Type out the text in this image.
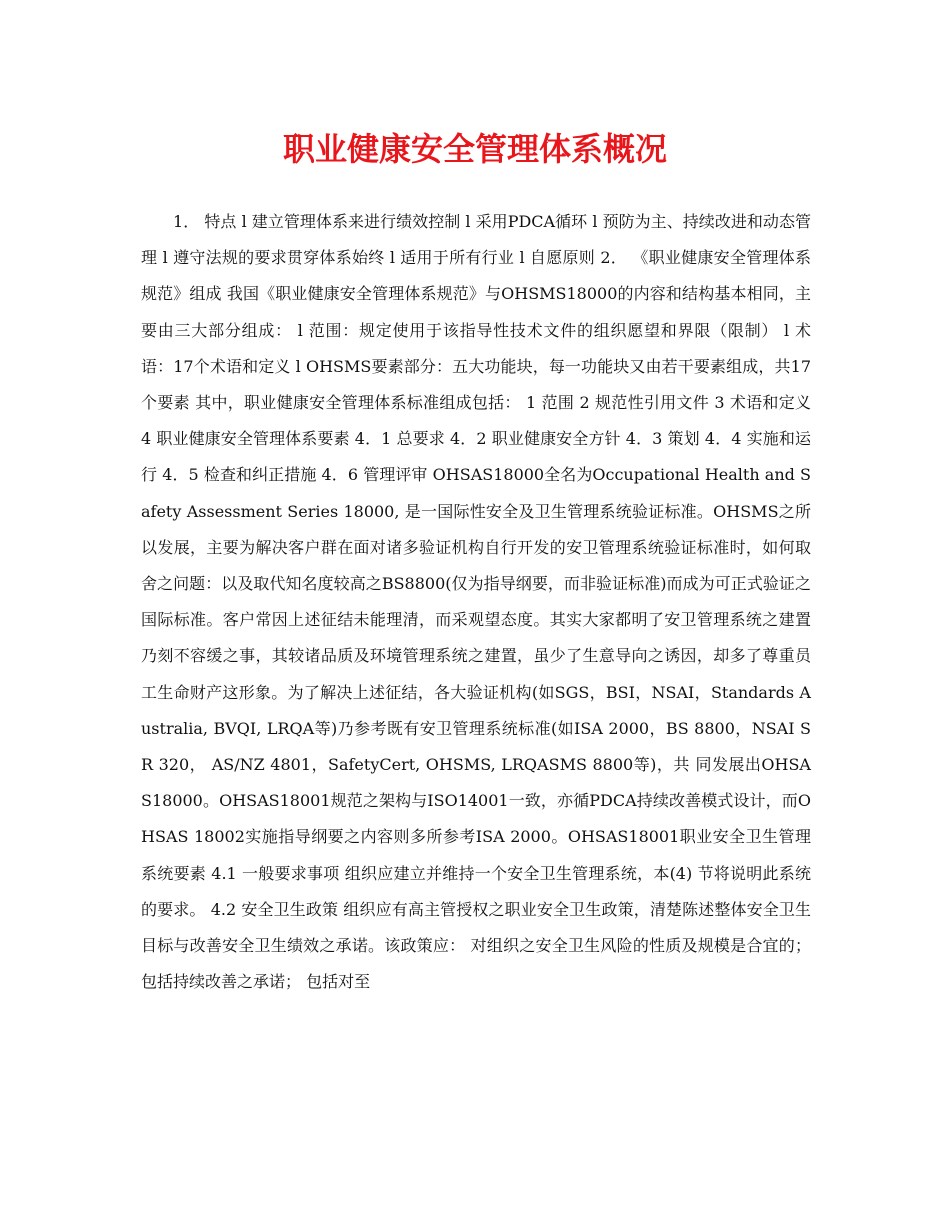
职业健康安全管理体系概况

1． 特点 l 建立管理体系来进行绩效控制 l 采用PDCA循环 l 预防为主、持续改进和动态管理 l 遵守法规的要求贯穿体系始终 l 适用于所有行业 l 自愿原则 2． 《职业健康安全管理体系规范》组成 我国《职业健康安全管理体系规范》与OHSMS18000的内容和结构基本相同，主要由三大部分组成： l 范围：规定使用于该指导性技术文件的组织愿望和界限（限制） l 术语：17个术语和定义 l OHSMS要素部分：五大功能块，每一功能块又由若干要素组成，共17个要素 其中，职业健康安全管理体系标准组成包括： 1 范围 2 规范性引用文件 3 术语和定义 4 职业健康安全管理体系要素 4．1 总要求 4．2 职业健康安全方针 4．3 策划 4．4 实施和运行 4．5 检查和纠正措施 4．6 管理评审 OHSAS18000全名为Occupational Health and Safety Assessment Series 18000, 是一国际性安全及卫生管理系统验证标准。OHSMS之所以发展，主要为解决客户群在面对诸多验证机构自行开发的安卫管理系统验证标准时，如何取舍之问题：以及取代知名度较高之BS8800(仅为指导纲要，而非验证标准)而成为可正式验证之国际标准。客户常因上述征结未能理清，而采观望态度。其实大家都明了安卫管理系统之建置乃刻不容缓之事，其较诸品质及环境管理系统之建置，虽少了生意导向之诱因，却多了尊重员工生命财产这形象。为了解决上述征结，各大验证机构(如SGS，BSI，NSAI，Standards Australia, BVQI, LRQA等)乃参考既有安卫管理系统标准(如ISA 2000，BS 8800，NSAI SR 320， AS/NZ 4801，SafetyCert, OHSMS, LRQASMS 8800等)，共 同发展出OHSAS18000。OHSAS18001规范之架构与ISO14001一致，亦循PDCA持续改善模式设计，而OHSAS 18002实施指导纲要之内容则多所参考ISA 2000。OHSAS18001职业安全卫生管理系统要素 4.1 一般要求事项 组织应建立并维持一个安全卫生管理系统，本(4) 节将说明此系统的要求。 4.2 安全卫生政策 组织应有高主管授权之职业安全卫生政策，清楚陈述整体安全卫生目标与改善安全卫生绩效之承诺。该政策应： 对组织之安全卫生风险的性质及规模是合宜的； 包括持续改善之承诺； 包括对至
